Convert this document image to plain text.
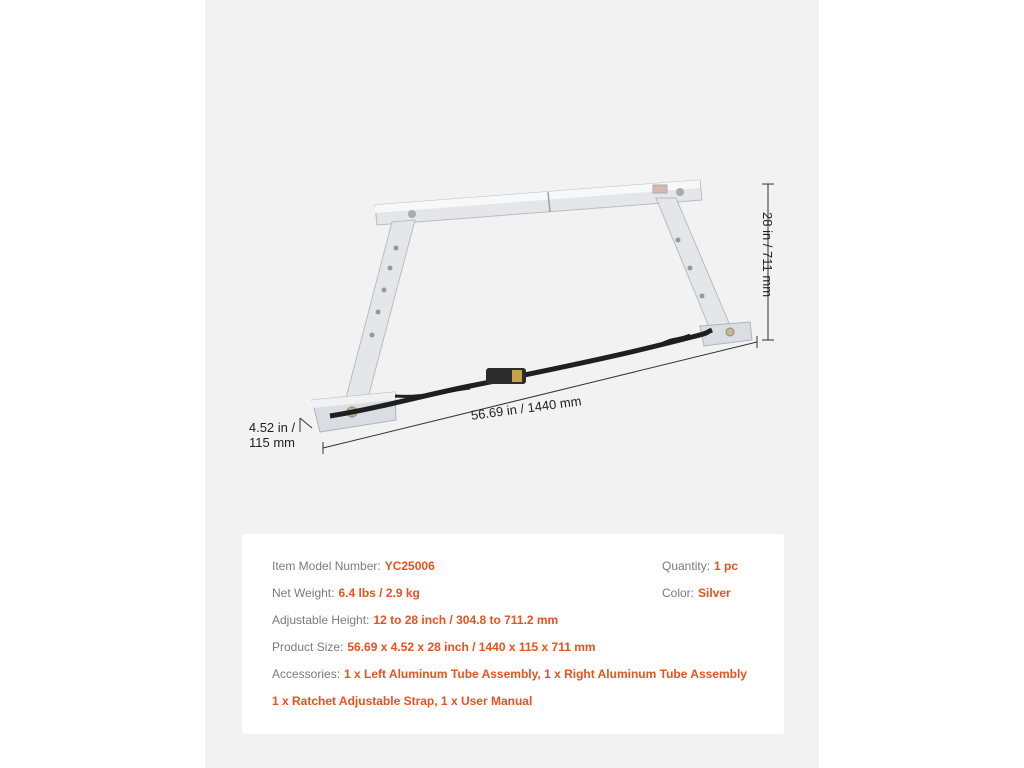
56.69 in / 1440 mm
28 in / 711 mm
4.52 in /
115 mm
Item Model Number: YC25006	Quantity: 1 pc
Net Weight: 6.4 lbs / 2.9 kg	Color: Silver
Adjustable Height: 12 to 28 inch / 304.8 to 711.2 mm
Product Size: 56.69 x 4.52 x 28 inch / 1440 x 115 x 711 mm
Accessories: 1 x Left Aluminum Tube Assembly, 1 x Right Aluminum Tube Assembly
1 x Ratchet Adjustable Strap, 1 x User Manual
